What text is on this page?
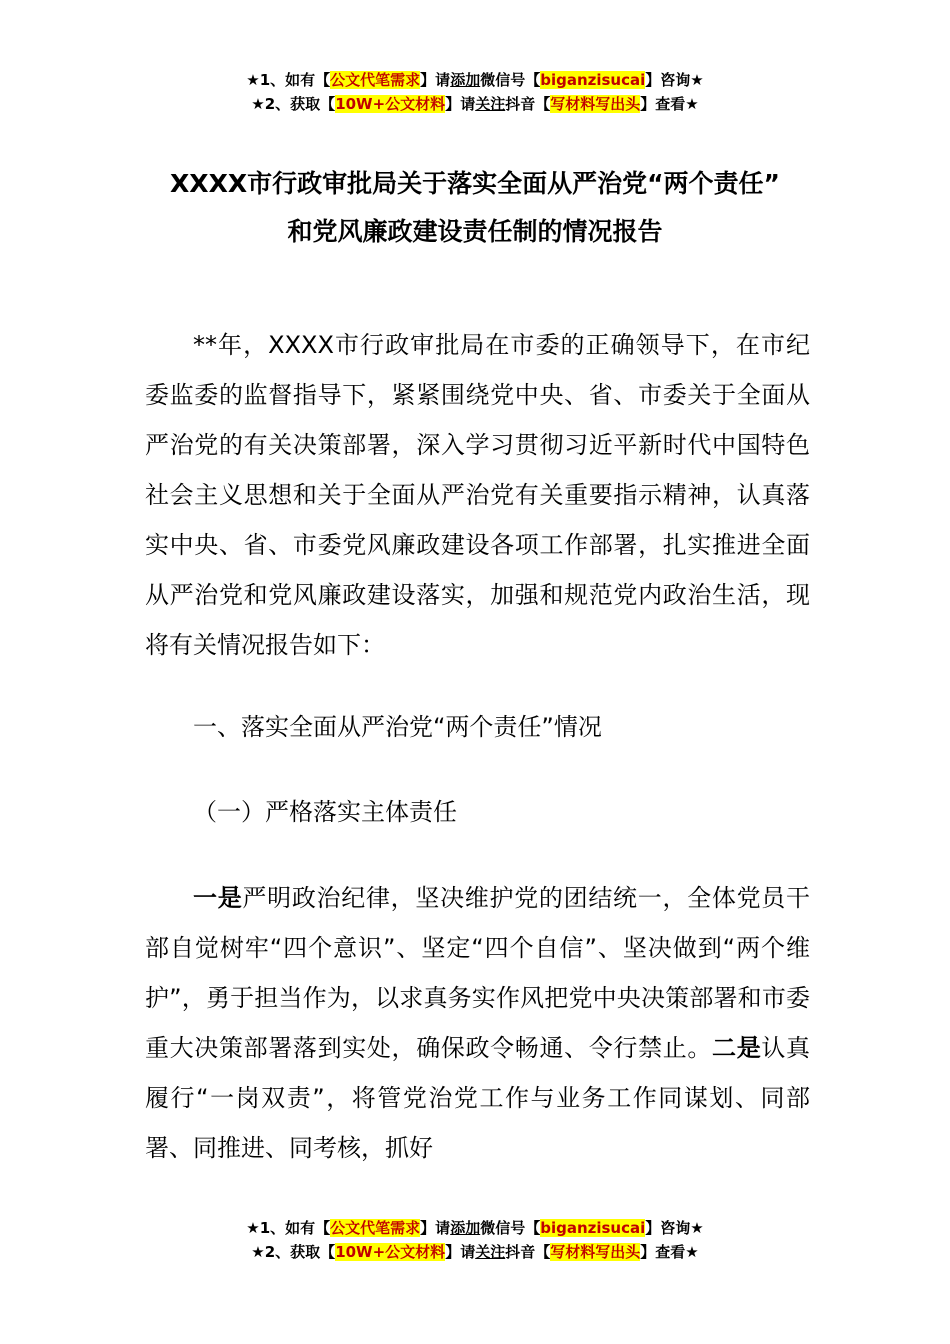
★1、如有【公文代笔需求】请添加微信号【biganzisucai】咨询★
★2、获取【10W+公文材料】请关注抖音【写材料写出头】查看★
XXXX市行政审批局关于落实全面从严治党“两个责任”
和党风廉政建设责任制的情况报告

**年，XXXX市行政审批局在市委的正确领导下，在市纪委监委的监督指导下，紧紧围绕党中央、省、市委关于全面从严治党的有关决策部署，深入学习贯彻习近平新时代中国特色社会主义思想和关于全面从严治党有关重要指示精神，认真落实中央、省、市委党风廉政建设各项工作部署，扎实推进全面从严治党和党风廉政建设落实，加强和规范党内政治生活，现将有关情况报告如下：

一、落实全面从严治党“两个责任”情况
（一）严格落实主体责任

一是严明政治纪律，坚决维护党的团结统一，全体党员干部自觉树牢“四个意识”、坚定“四个自信”、坚决做到“两个维护”，勇于担当作为，以求真务实作风把党中央决策部署和市委重大决策部署落到实处，确保政令畅通、令行禁止。二是认真履行“一岗双责”，将管党治党工作与业务工作同谋划、同部署、同推进、同考核，抓好

★1、如有【公文代笔需求】请添加微信号【biganzisucai】咨询★
★2、获取【10W+公文材料】请关注抖音【写材料写出头】查看★
